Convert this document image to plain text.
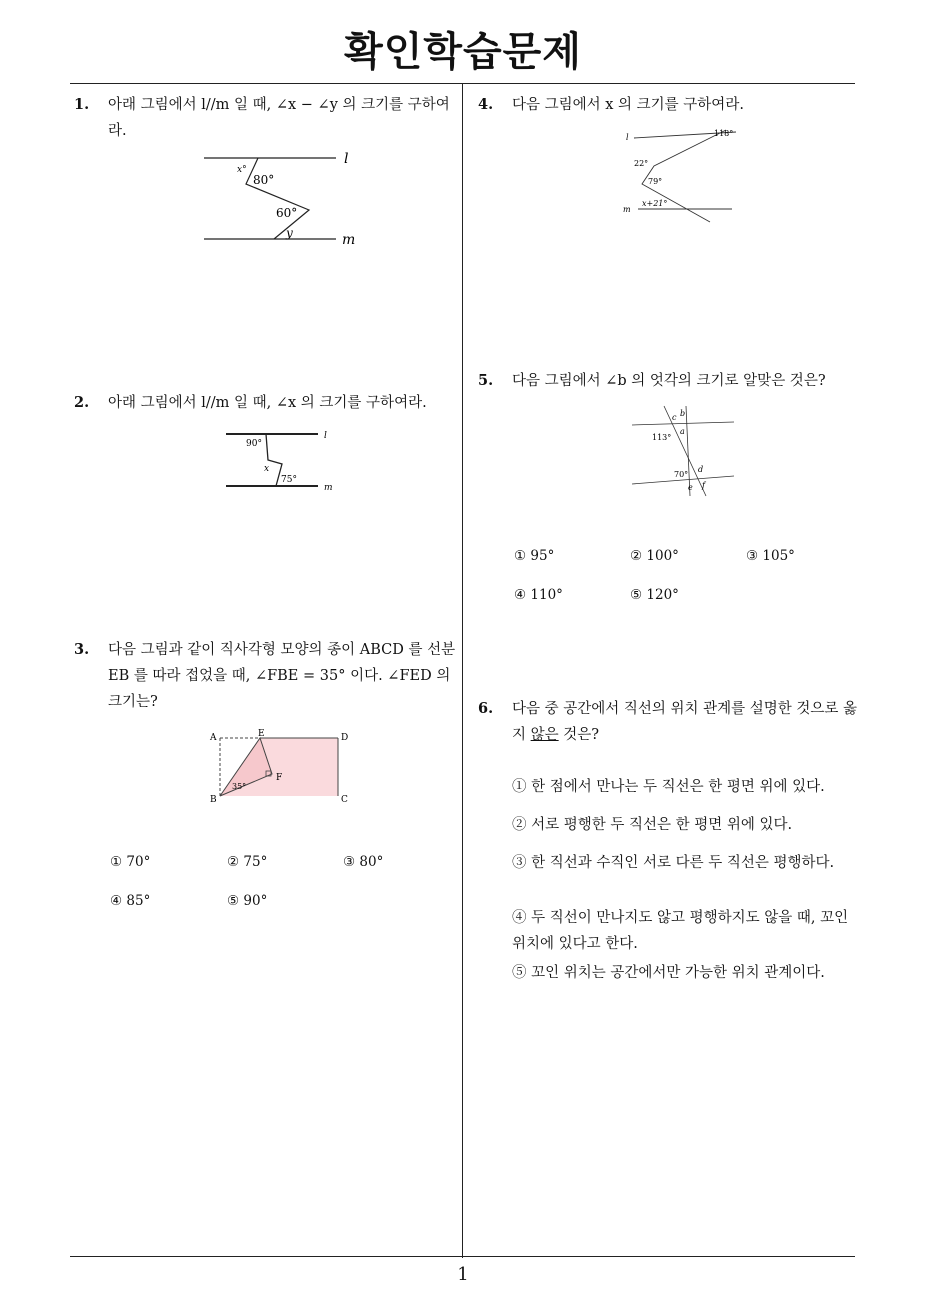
확인학습문제
1. 아래 그림에서 l//m 일 때, ∠x − ∠y 의 크기를 구하여라.
l
m
x°
80°
60°
y
2. 아래 그림에서 l//m 일 때, ∠x 의 크기를 구하여라.
l
m
90°
x
75°
3. 다음 그림과 같이 직사각형 모양의 종이 ABCD 를 선분EB 를 따라 접었을 때, ∠FBE = 35° 이다. ∠FED 의 크기는?
A
B	C
D
E
F
35°
① 70°	② 75°	③ 80°
④ 85°	⑤ 90°
4. 다음 그림에서 x 의 크기를 구하여라.
l
m
118°
22°
79°
x+21°
5. 다음 그림에서 ∠b 의 엇각의 크기로 알맞은 것은?
c b
a
113°
70°
d
e f
① 95°	② 100°	③ 105°
④ 110°	⑤ 120°
6. 다음 중 공간에서 직선의 위치 관계를 설명한 것으로 옳지 않은 것은?
① 한 점에서 만나는 두 직선은 한 평면 위에 있다.
② 서로 평행한 두 직선은 한 평면 위에 있다.
③ 한 직선과 수직인 서로 다른 두 직선은 평행하다.
④ 두 직선이 만나지도 않고 평행하지도 않을 때, 꼬인 위치에 있다고 한다.
⑤ 꼬인 위치는 공간에서만 가능한 위치 관계이다.
1
